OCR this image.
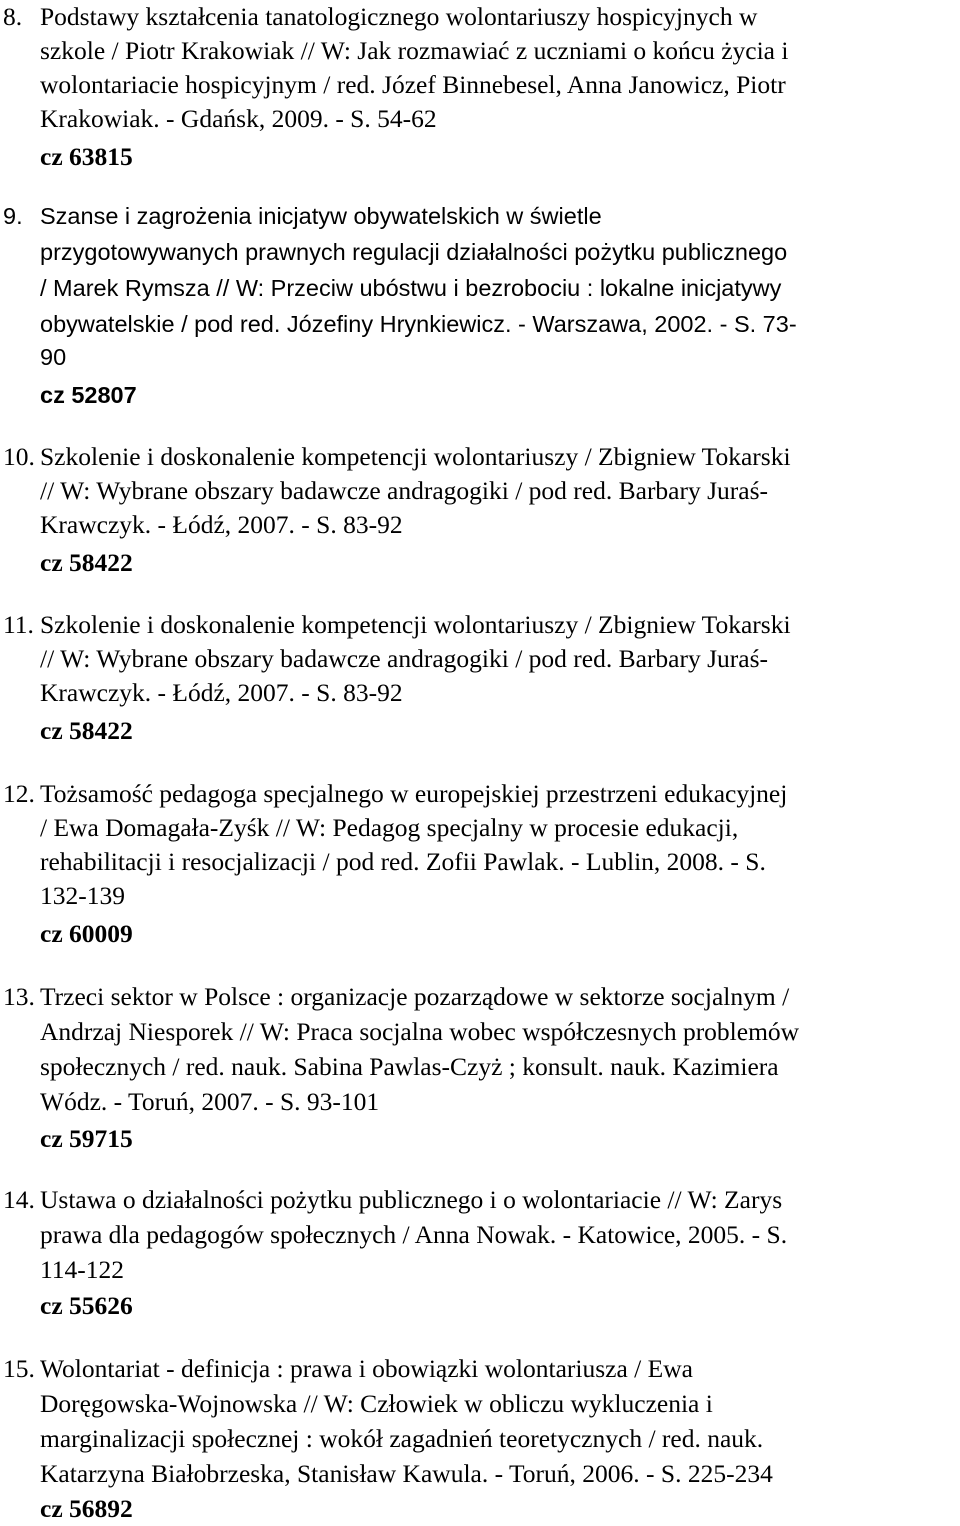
8. Podstawy kształcenia tanatologicznego wolontariuszy hospicyjnych w
szkole / Piotr Krakowiak // W: Jak rozmawiać z uczniami o końcu życia i
wolontariacie hospicyjnym / red. Józef Binnebesel, Anna Janowicz, Piotr
Krakowiak. - Gdańsk, 2009. - S. 54-62
cz 63815
9. Szanse i zagrożenia inicjatyw obywatelskich w świetle
przygotowywanych prawnych regulacji działalności pożytku publicznego
/ Marek Rymsza // W: Przeciw ubóstwu i bezrobociu : lokalne inicjatywy
obywatelskie / pod red. Józefiny Hrynkiewicz. - Warszawa, 2002. - S. 73-
90
cz 52807
10. Szkolenie i doskonalenie kompetencji wolontariuszy / Zbigniew Tokarski
// W: Wybrane obszary badawcze andragogiki / pod red. Barbary Juraś-
Krawczyk. - Łódź, 2007. - S. 83-92
cz 58422
11. Szkolenie i doskonalenie kompetencji wolontariuszy / Zbigniew Tokarski
// W: Wybrane obszary badawcze andragogiki / pod red. Barbary Juraś-
Krawczyk. - Łódź, 2007. - S. 83-92
cz 58422
12. Tożsamość pedagoga specjalnego w europejskiej przestrzeni edukacyjnej
/ Ewa Domagała-Zyśk // W: Pedagog specjalny w procesie edukacji,
rehabilitacji i resocjalizacji / pod red. Zofii Pawlak. - Lublin, 2008. - S.
132-139
cz 60009
13. Trzeci sektor w Polsce : organizacje pozarządowe w sektorze socjalnym /
Andrzaj Niesporek // W: Praca socjalna wobec współczesnych problemów
społecznych / red. nauk. Sabina Pawlas-Czyż ; konsult. nauk. Kazimiera
Wódz. - Toruń, 2007. - S. 93-101
cz 59715
14. Ustawa o działalności pożytku publicznego i o wolontariacie // W: Zarys
prawa dla pedagogów społecznych / Anna Nowak. - Katowice, 2005. - S.
114-122
cz 55626
15. Wolontariat - definicja : prawa i obowiązki wolontariusza / Ewa
Doręgowska-Wojnowska // W: Człowiek w obliczu wykluczenia i
marginalizacji społecznej : wokół zagadnień teoretycznych / red. nauk.
Katarzyna Białobrzeska, Stanisław Kawula. - Toruń, 2006. - S. 225-234
cz 56892
